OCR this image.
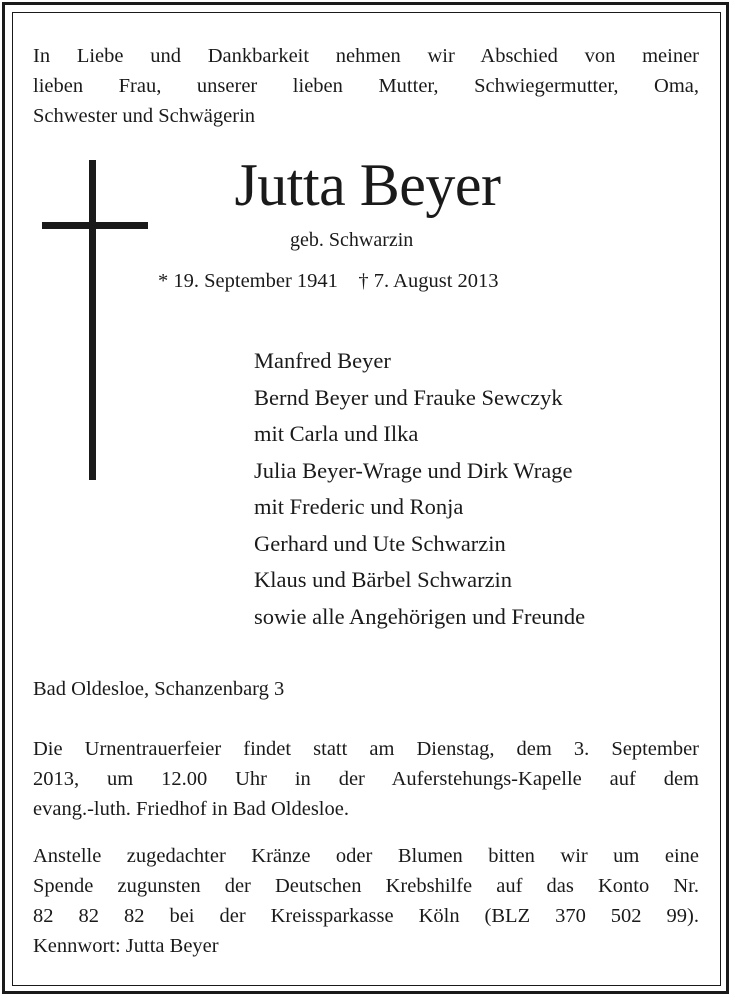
In Liebe und Dankbarkeit nehmen wir Abschied von meiner
lieben Frau, unserer lieben Mutter, Schwiegermutter, Oma,
Schwester und Schwägerin

Jutta Beyer
geb. Schwarzin
* 19. September 1941    † 7. August 2013
Manfred Beyer
Bernd Beyer und Frauke Sewczyk
mit Carla und Ilka
Julia Beyer-Wrage und Dirk Wrage
mit Frederic und Ronja
Gerhard und Ute Schwarzin
Klaus und Bärbel Schwarzin
sowie alle Angehörigen und Freunde
Bad Oldesloe, Schanzenbarg 3

Die Urnentrauerfeier findet statt am Dienstag, dem 3. September
2013, um 12.00 Uhr in der Auferstehungs-Kapelle auf dem
evang.-luth. Friedhof in Bad Oldesloe.

Anstelle zugedachter Kränze oder Blumen bitten wir um eine
Spende zugunsten der Deutschen Krebshilfe auf das Konto Nr.
82 82 82 bei der Kreissparkasse Köln (BLZ 370 502 99).
Kennwort: Jutta Beyer
